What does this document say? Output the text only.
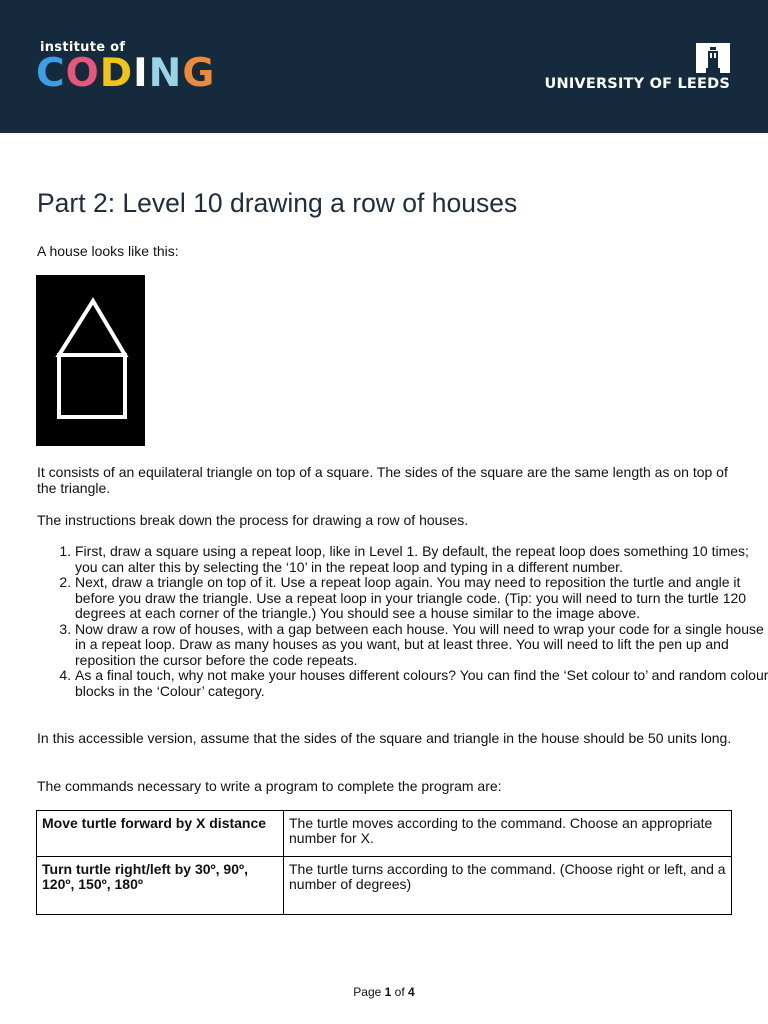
institute of
CODING	UNIVERSITY OF LEEDS
Part 2: Level 10 drawing a row of houses

A house looks like this:

It consists of an equilateral triangle on top of a square. The sides of the square are the same length as on top of the triangle.

The instructions break down the process for drawing a row of houses.

1. First, draw a square using a repeat loop, like in Level 1. By default, the repeat loop does something 10 times; you can alter this by selecting the ‘10’ in the repeat loop and typing in a different number.
2. Next, draw a triangle on top of it. Use a repeat loop again. You may need to reposition the turtle and angle it before you draw the triangle. Use a repeat loop in your triangle code. (Tip: you will need to turn the turtle 120 degrees at each corner of the triangle.) You should see a house similar to the image above.
3. Now draw a row of houses, with a gap between each house. You will need to wrap your code for a single house in a repeat loop. Draw as many houses as you want, but at least three. You will need to lift the pen up and reposition the cursor before the code repeats.
4. As a final touch, why not make your houses different colours? You can find the ‘Set colour to’ and random colour blocks in the ‘Colour’ category.

In this accessible version, assume that the sides of the square and triangle in the house should be 50 units long.

The commands necessary to write a program to complete the program are:

Move turtle forward by X distance	The turtle moves according to the command. Choose an appropriate number for X.
Turn turtle right/left by 30º, 90º, 120º, 150º, 180º	The turtle turns according to the command. (Choose right or left, and a number of degrees)
Page 1 of 4
